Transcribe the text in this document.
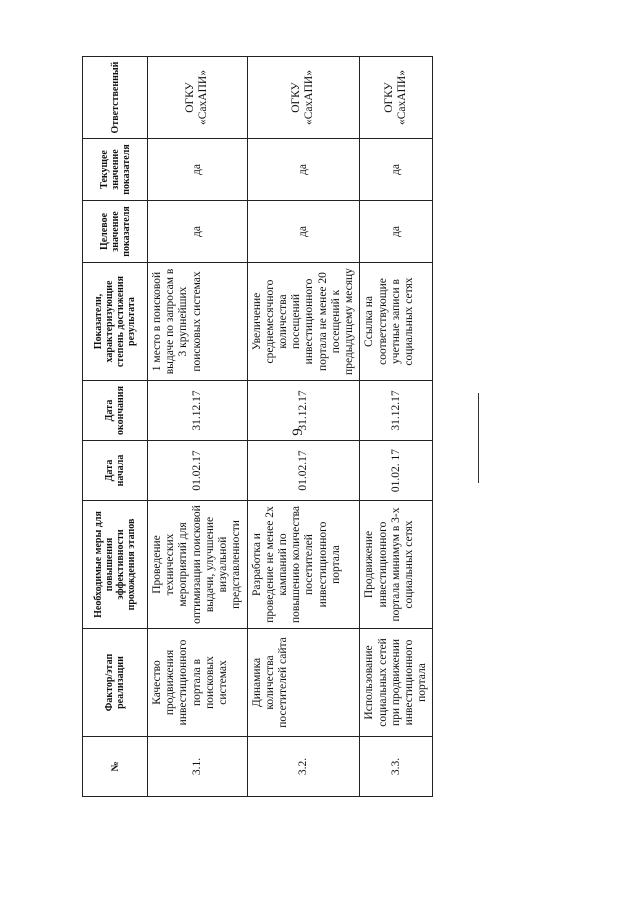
9
№	Фактор/этап реализации	Необходимые меры для повышения эффективности прохождения этапов	Дата начала	Дата окончания	Показатели, характеризующие степень достижения результата	Целевое значение показателя	Текущее значение показателя	Ответственный
3.1.	Качество продвижения инвестиционного портала в поисковых системах	Проведение технических мероприятий для оптимизации поисковой выдачи, улучшение визуальной представленности	01.02.17	31.12.17	1 место в поисковой выдаче по запросам в 3 крупнейших поисковых системах	да	да	ОГКУ «СахАПИ»
3.2.	Динамика количества посетителей сайта	Разработка и проведение не менее 2х кампаний по повышению количества посетителей инвестиционного портала	01.02.17	31.12.17	Увеличение среднемесячного количества посещений инвестиционного портала не менее 20 посещений к предыдущему месяцу	да	да	ОГКУ «СахАПИ»
3.3.	Использование социальных сетей при продвижении инвестиционного портала	Продвижение инвестиционного портала минимум в 3-х социальных сетях	01.02. 17	31.12.17	Ссылка на соответствующие учетные записи в социальных сетях	да	да	ОГКУ «СахАПИ»
